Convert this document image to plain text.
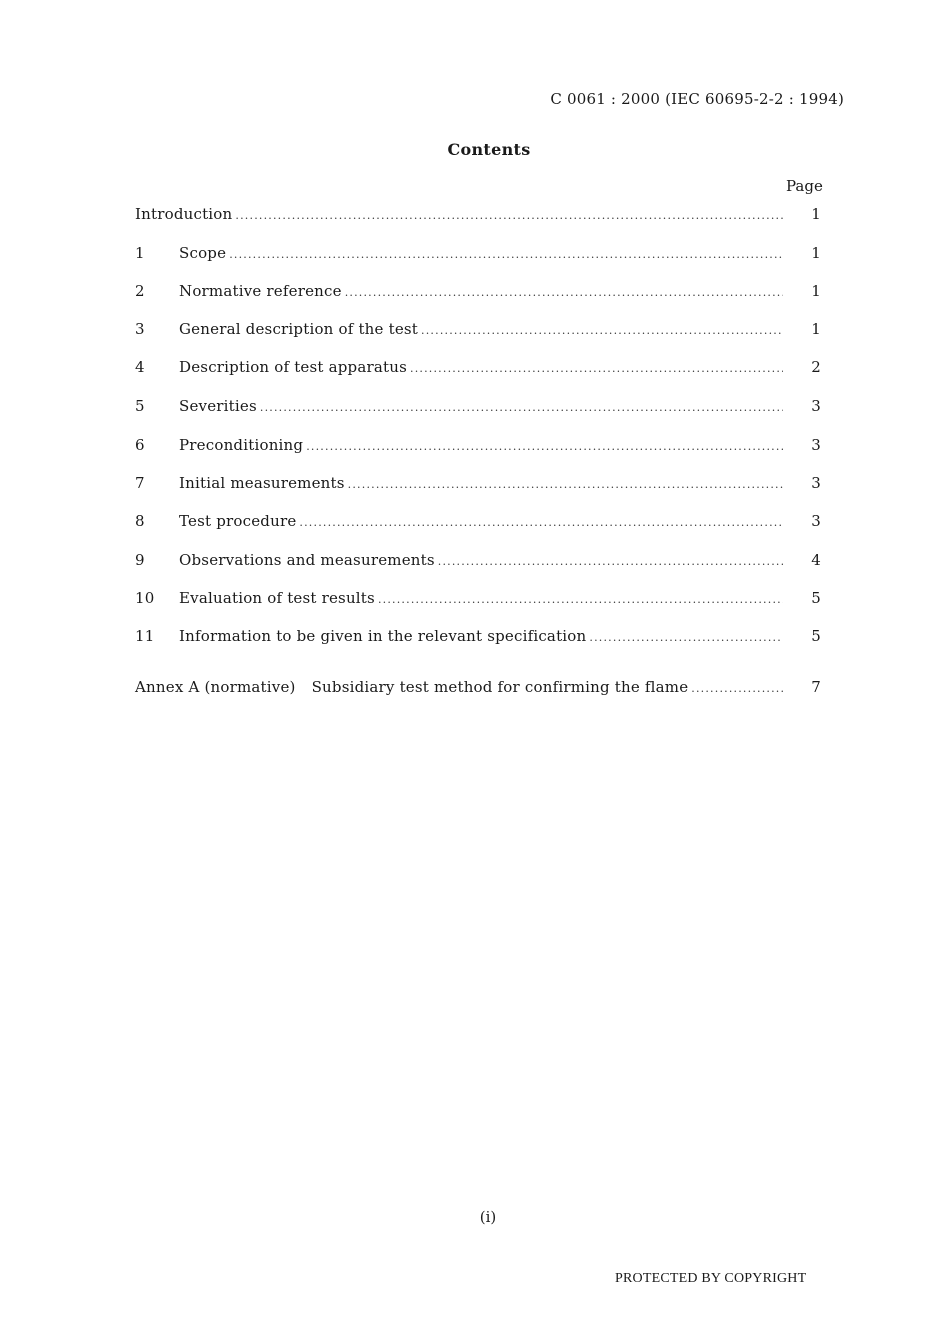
C 0061 : 2000 (IEC 60695-2-2 : 1994)
Contents
Page
Introduction .....	1
1	Scope .....	1
2	Normative reference .....	1
3	General description of the test .....	1
4	Description of test apparatus .....	2
5	Severities .....	3
6	Preconditioning .....	3
7	Initial measurements .....	3
8	Test procedure .....	3
9	Observations and measurements .....	4
10	Evaluation of test results .....	5
11	Information to be given in the relevant specification .....	5
Annex A (normative)	Subsidiary test method for confirming the flame .....	7
(i)
PROTECTED BY COPYRIGHT
